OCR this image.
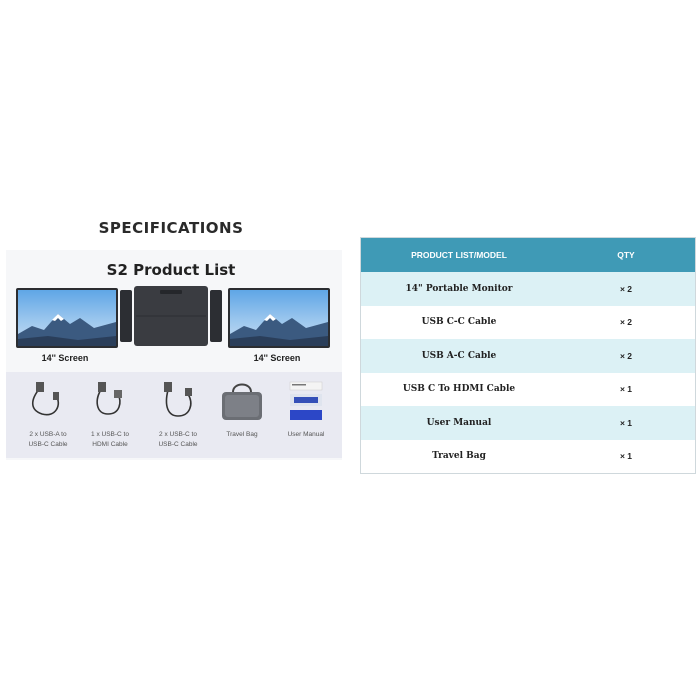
SPECIFICATIONS
S2 Product List
14'' Screen	14'' Screen
2 x USB-A to
USB-C Cable
1 x USB-C to
HDMI Cable
2 x USB-C to
USB-C Cable
Travel Bag	User Manual
PRODUCT LIST/MODEL	QTY
14" Portable Monitor	× 2
USB C-C Cable	× 2
USB A-C Cable	× 2
USB C To HDMI Cable	× 1
User Manual	× 1
Travel Bag	× 1
